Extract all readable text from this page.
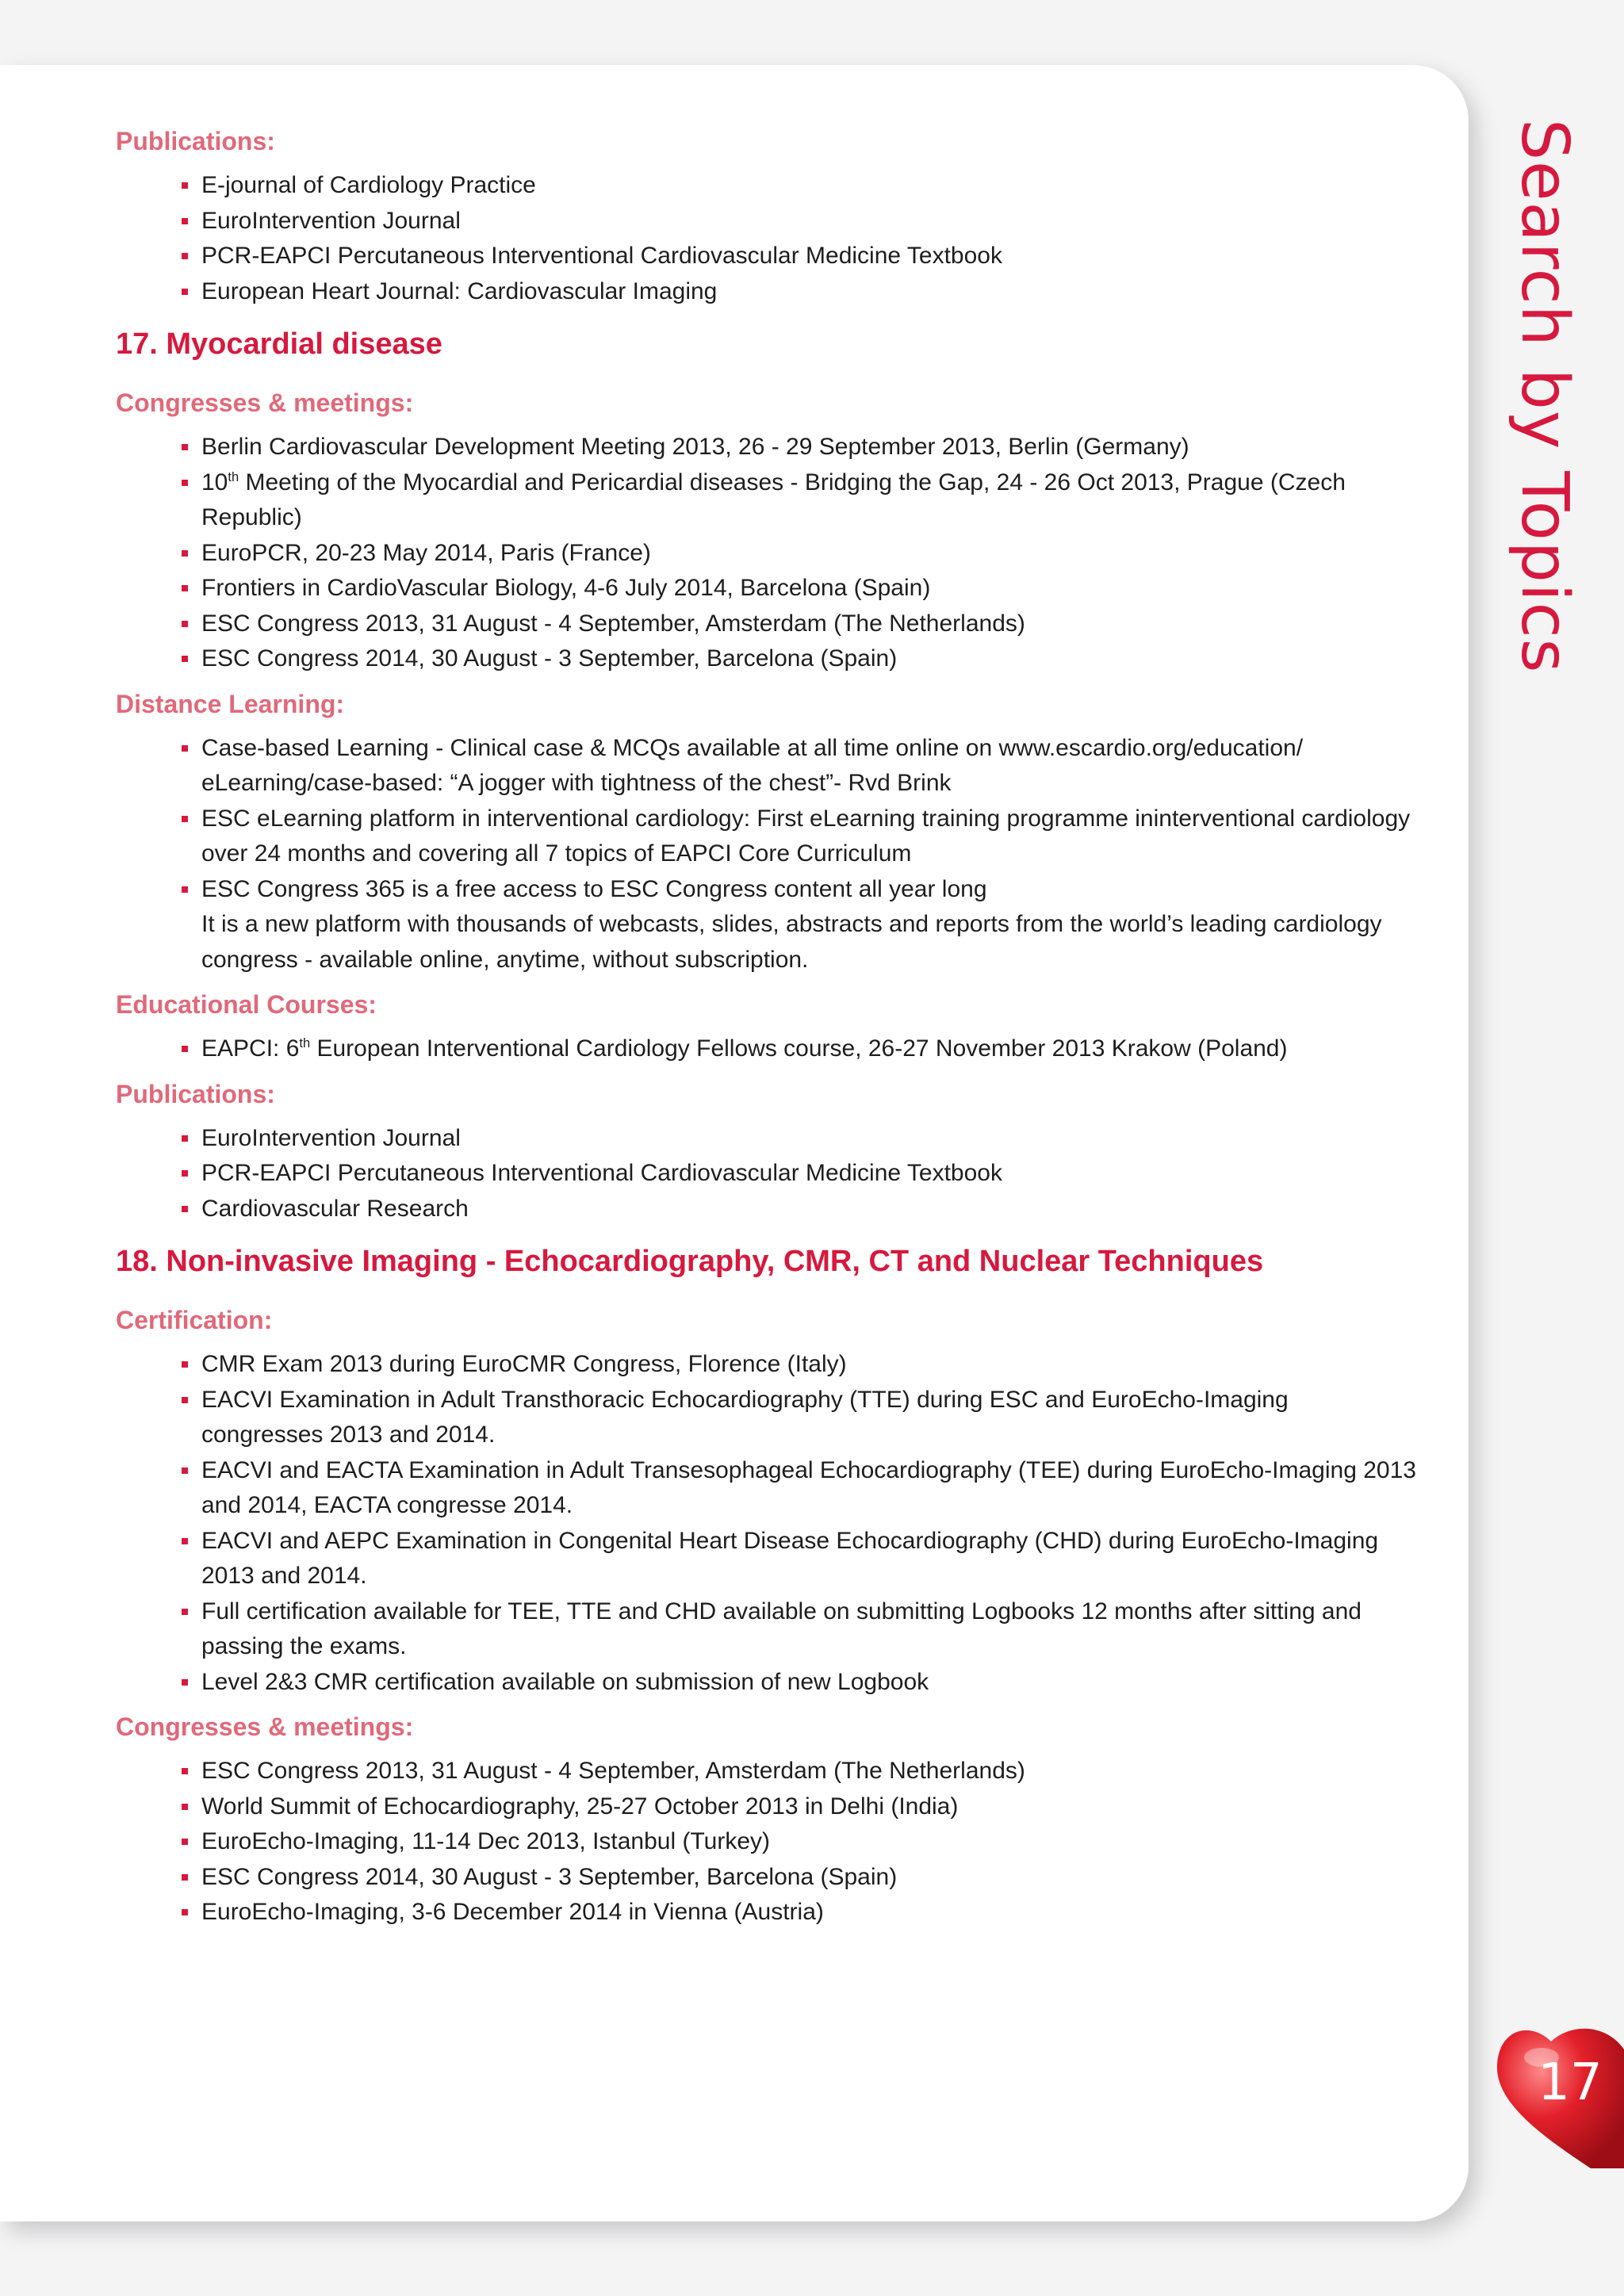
Publications:
E-journal of Cardiology Practice
EuroIntervention Journal
PCR-EAPCI Percutaneous Interventional Cardiovascular Medicine Textbook
European Heart Journal: Cardiovascular Imaging
17. Myocardial disease
Congresses & meetings:
Berlin Cardiovascular Development Meeting 2013, 26 - 29 September 2013, Berlin (Germany)
10th Meeting of the Myocardial and Pericardial diseases - Bridging the Gap, 24 - 26 Oct 2013, Prague (Czech Republic)
EuroPCR, 20-23 May 2014, Paris (France)
Frontiers in CardioVascular Biology, 4-6 July 2014, Barcelona (Spain)
ESC Congress 2013, 31 August - 4 September, Amsterdam (The Netherlands)
ESC Congress 2014, 30 August - 3 September, Barcelona (Spain)
Distance Learning:
Case-based Learning - Clinical case & MCQs available at all time online on www.escardio.org/education/ eLearning/case-based: “A jogger with tightness of the chest”- Rvd Brink
ESC eLearning platform in interventional cardiology: First eLearning training programme ininterventional cardiology over 24 months and covering all 7 topics of EAPCI Core Curriculum
ESC Congress 365 is a free access to ESC Congress content all year long
It is a new platform with thousands of webcasts, slides, abstracts and reports from the world’s leading cardiology congress - available online, anytime, without subscription.
Educational Courses:
EAPCI: 6th European Interventional Cardiology Fellows course, 26-27 November 2013 Krakow (Poland)
Publications:
EuroIntervention Journal
PCR-EAPCI Percutaneous Interventional Cardiovascular Medicine Textbook
Cardiovascular Research
18. Non-invasive Imaging - Echocardiography, CMR, CT and Nuclear Techniques
Certification:
CMR Exam 2013 during EuroCMR Congress, Florence (Italy)
EACVI Examination in Adult Transthoracic Echocardiography (TTE) during ESC and EuroEcho-Imaging congresses 2013 and 2014.
EACVI and EACTA Examination in Adult Transesophageal Echocardiography (TEE) during EuroEcho-Imaging 2013 and 2014, EACTA congresse 2014.
EACVI and AEPC Examination in Congenital Heart Disease Echocardiography (CHD) during EuroEcho-Imaging 2013 and 2014.
Full certification available for TEE, TTE and CHD available on submitting Logbooks 12 months after sitting and passing the exams.
Level 2&3 CMR certification available on submission of new Logbook
Congresses & meetings:
ESC Congress 2013, 31 August - 4 September, Amsterdam (The Netherlands)
World Summit of Echocardiography, 25-27 October 2013 in Delhi (India)
EuroEcho-Imaging, 11-14 Dec 2013, Istanbul (Turkey)
ESC Congress 2014, 30 August - 3 September, Barcelona (Spain)
EuroEcho-Imaging, 3-6 December 2014 in Vienna (Austria)
Search by Topics
17
